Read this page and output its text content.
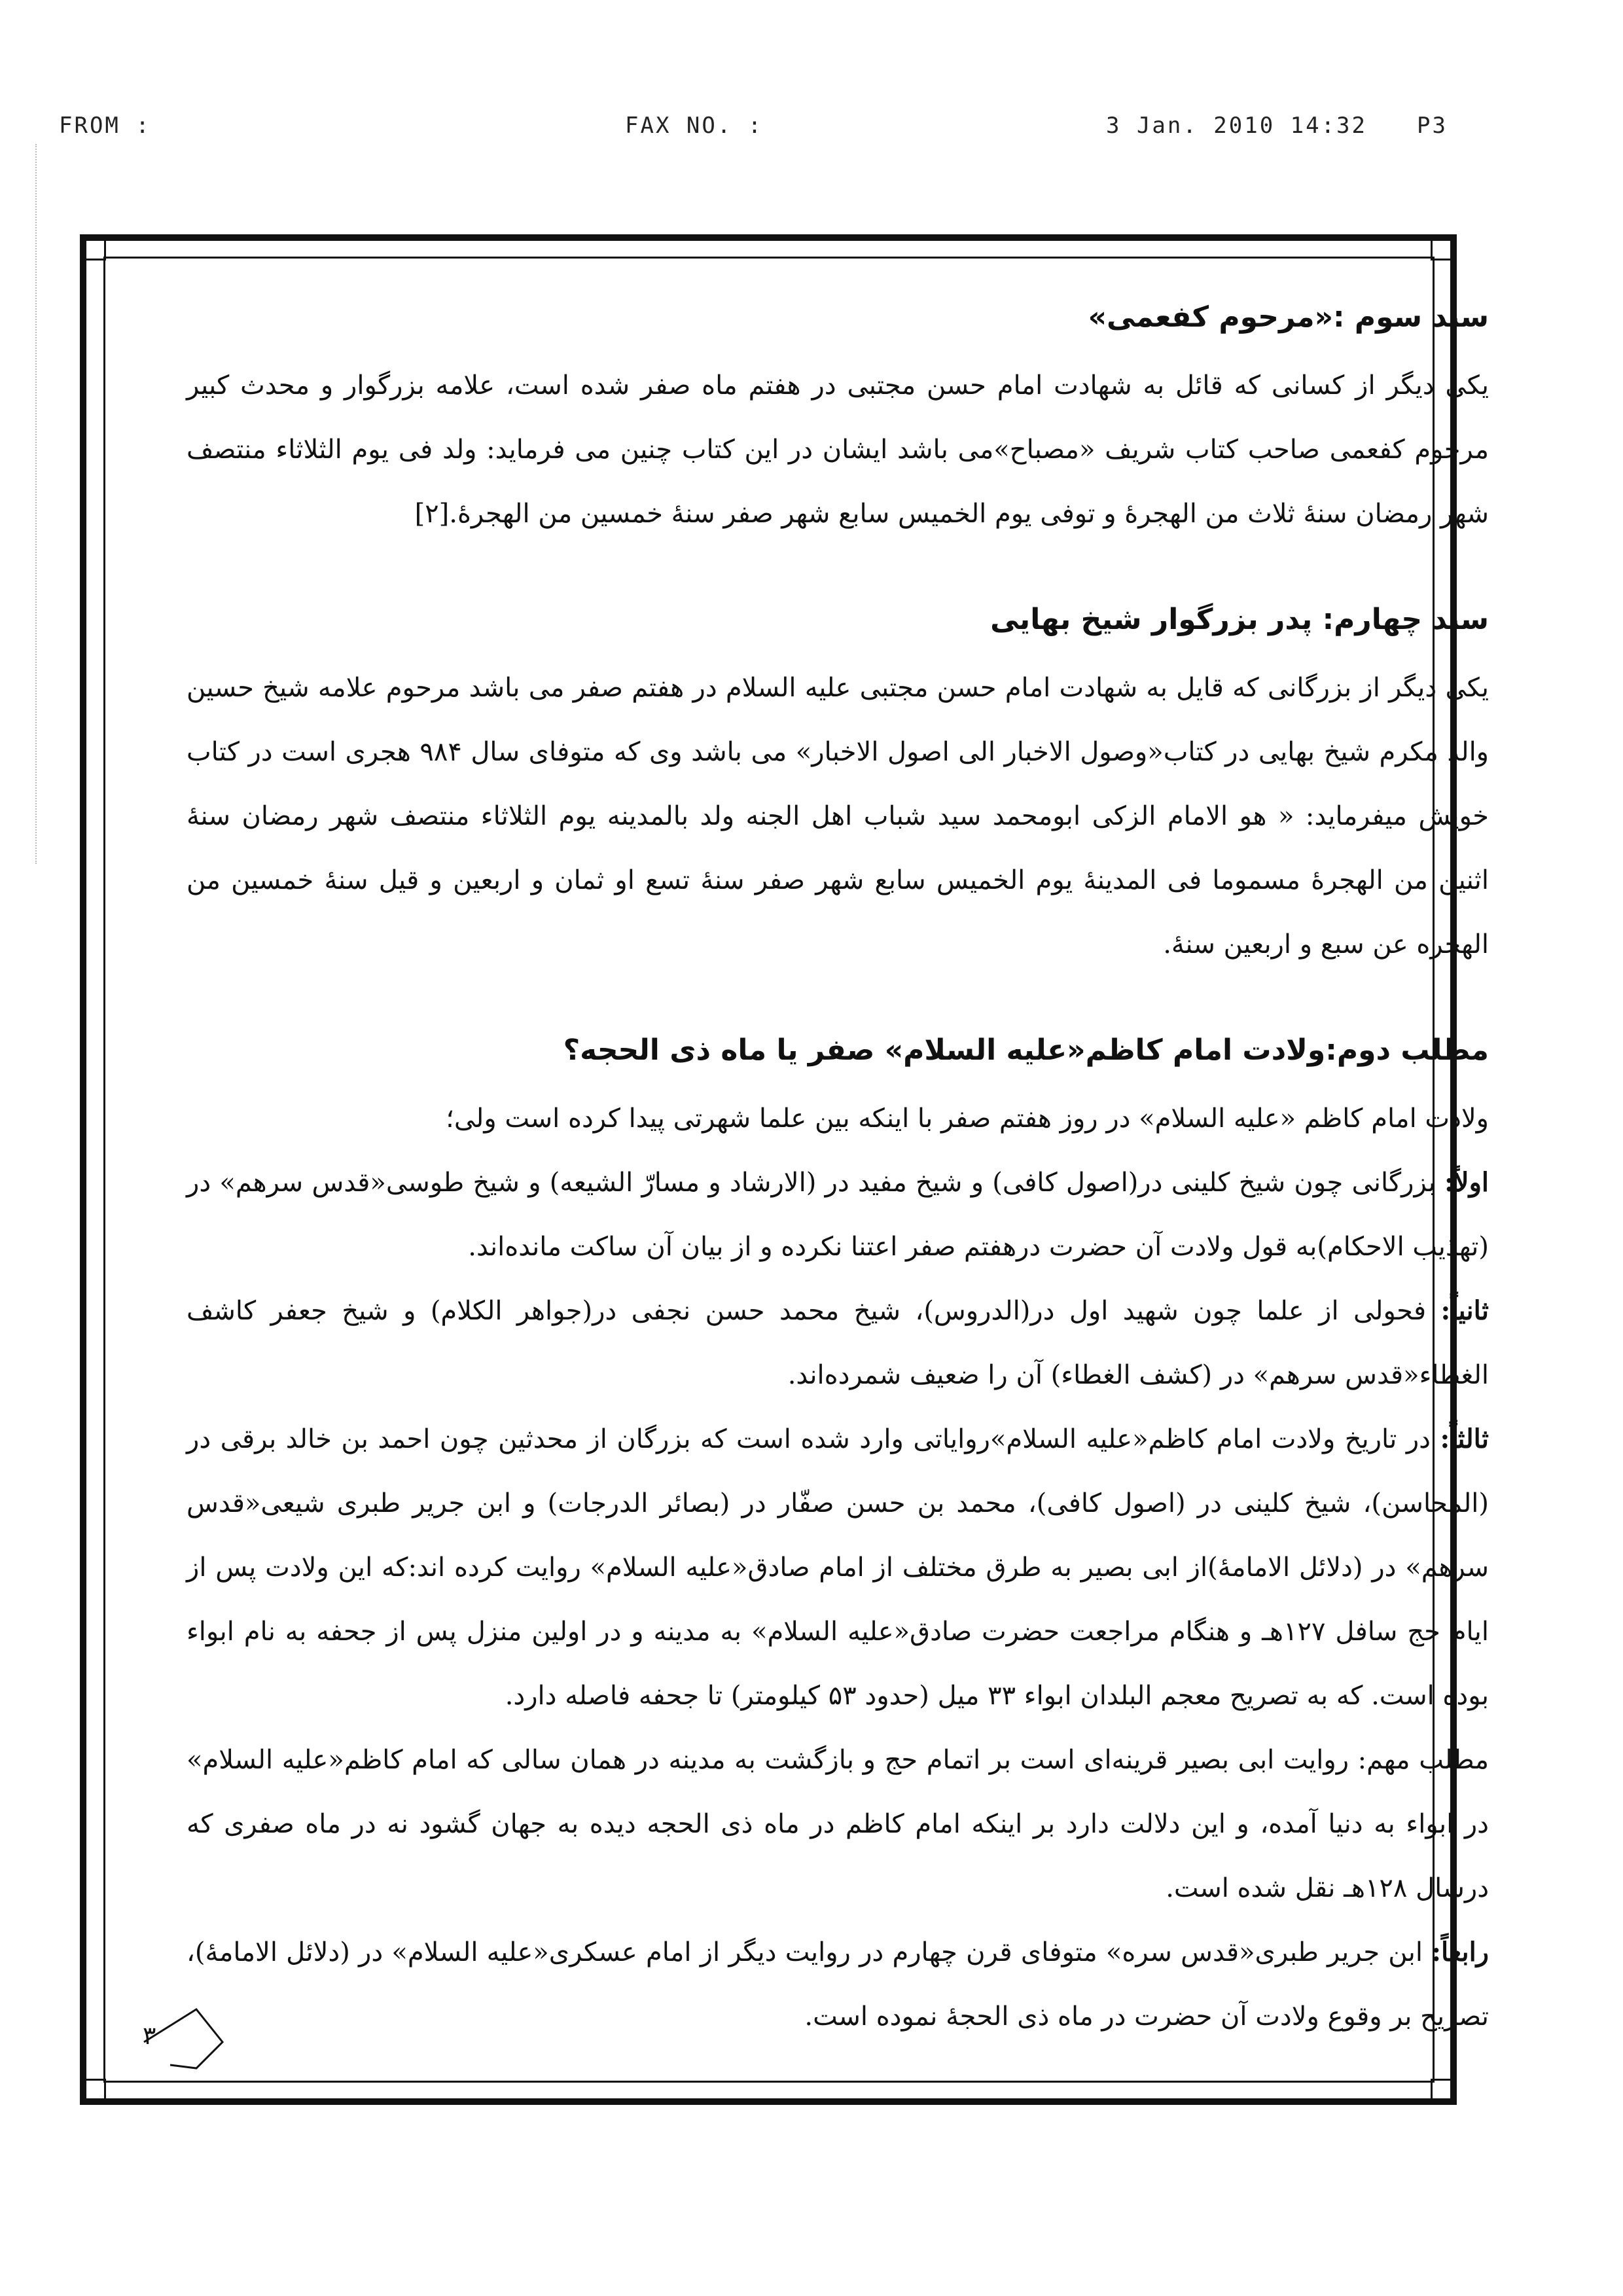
FROM :	FAX NO. :	3 Jan. 2010 14:32 P3

سند سوم :«مرحوم کفعمی»

یکی دیگر از کسانی که قائل به شهادت امام حسن مجتبی در هفتم ماه صفر شده است، علامه بزرگوار و محدث کبیر مرحوم کفعمی صاحب کتاب شریف «مصباح»می باشد ایشان در این کتاب چنین می فرماید: ولد فی یوم الثلاثاء منتصف شهر رمضان سنۀ ثلاث من الهجرۀ و توفی یوم الخمیس سابع شهر صفر سنۀ خمسین من الهجرۀ.[۲]

سند چهارم: پدر بزرگوار شیخ بهایی

یکی دیگر از بزرگانی که قایل به شهادت امام حسن مجتبی علیه السلام در هفتم صفر می باشد مرحوم علامه شیخ حسین والد مکرم شیخ بهایی در کتاب«وصول الاخبار الی اصول الاخبار» می باشد وی که متوفای سال ۹۸۴ هجری است در کتاب خویش میفرماید: « هو الامام الزکی ابومحمد سید شباب اهل الجنه ولد بالمدینه یوم الثلاثاء منتصف شهر رمضان سنۀ اثنین من الهجرۀ مسموما فی المدینۀ یوم الخمیس سابع شهر صفر سنۀ تسع او ثمان و اربعین و قیل سنۀ خمسین من الهجره عن سبع و اربعین سنۀ.

مطلب دوم:ولادت امام کاظم«علیه السلام» صفر یا ماه ذی الحجه؟

ولادت امام کاظم «علیه السلام» در روز هفتم صفر با اینکه بین علما شهرتی پیدا کرده است ولی؛

اولاً: بزرگانی چون شیخ کلینی در(اصول کافی) و شیخ مفید در (الارشاد و مسارّ الشیعه) و شیخ طوسی«قدس سرهم» در (تهذیب الاحکام)به قول ولادت آن حضرت درهفتم صفر اعتنا نکرده و از بیان آن ساکت مانده‌اند.

ثانیاً: فحولی از علما چون شهید اول در(الدروس)، شیخ محمد حسن نجفی در(جواهر الکلام) و شیخ جعفر کاشف الغطاء«قدس سرهم» در (کشف الغطاء) آن را ضعیف شمرده‌اند.

ثالثاً: در تاریخ ولادت امام کاظم«علیه السلام»روایاتی وارد شده است که بزرگان از محدثین چون احمد بن خالد برقی در (المحاسن)، شیخ کلینی در (اصول کافی)، محمد بن حسن صفّار در (بصائر الدرجات) و ابن جریر طبری شیعی«قدس سرهم» در (دلائل الامامۀ)از ابی بصیر به طرق مختلف از امام صادق«علیه السلام» روایت کرده اند:که این ولادت پس از ایام حج سافل ۱۲۷هـ و هنگام مراجعت حضرت صادق«علیه السلام» به مدینه و در اولین منزل پس از جحفه به نام ابواء بوده است. که به تصریح معجم البلدان ابواء ۳۳ میل (حدود ۵۳ کیلومتر) تا جحفه فاصله دارد.

مطلب مهم: روایت ابی بصیر قرینه‌ای است بر اتمام حج و بازگشت به مدینه در همان سالی که امام کاظم«علیه السلام» در ابواء به دنیا آمده، و این دلالت دارد بر اینکه امام کاظم در ماه ذی الحجه دیده به جهان گشود نه در ماه صفری که درسال ۱۲۸هـ نقل شده است.

رابعاً: ابن جریر طبری«قدس سره» متوفای قرن چهارم در روایت دیگر از امام عسکری«علیه السلام» در (دلائل الامامۀ)، تصریح بر وقوع ولادت آن حضرت در ماه ذی الحجۀ نموده است.

۳
